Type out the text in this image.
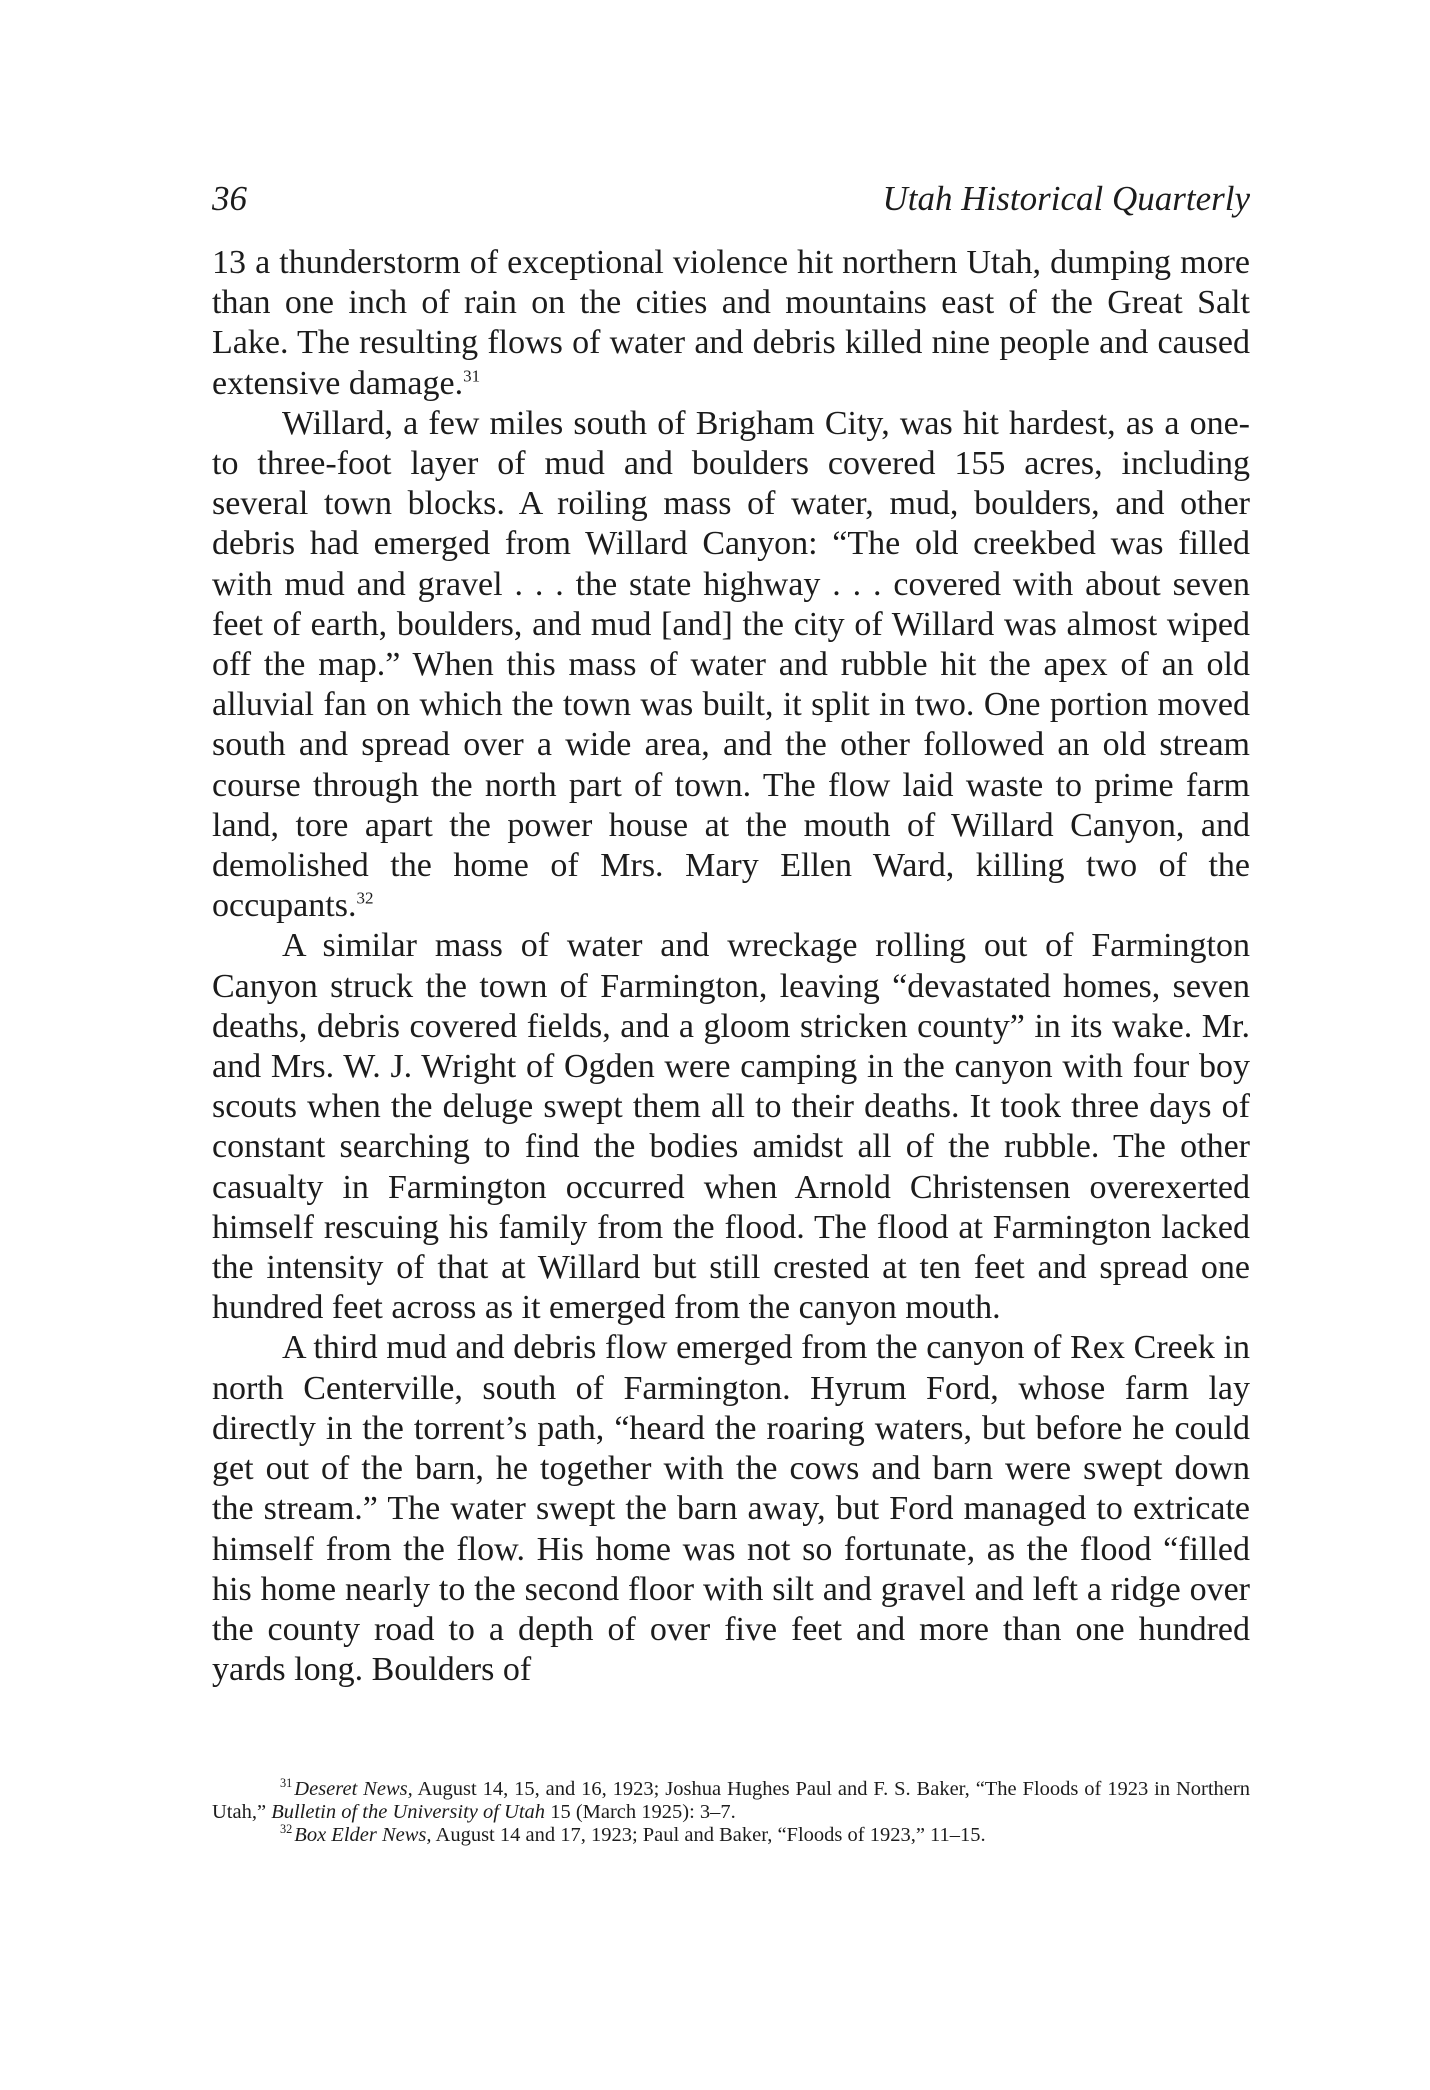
36	Utah Historical Quarterly

13 a thunderstorm of exceptional violence hit northern Utah, dumping more than one inch of rain on the cities and mountains east of the Great Salt Lake. The resulting flows of water and debris killed nine people and caused extensive damage.$^{31}$

Willard, a few miles south of Brigham City, was hit hardest, as a one- to three-foot layer of mud and boulders covered 155 acres, including several town blocks. A roiling mass of water, mud, boulders, and other debris had emerged from Willard Canyon: “The old creekbed was filled with mud and gravel . . . the state highway . . . covered with about seven feet of earth, boulders, and mud [and] the city of Willard was almost wiped off the map.” When this mass of water and rubble hit the apex of an old alluvial fan on which the town was built, it split in two. One portion moved south and spread over a wide area, and the other followed an old stream course through the north part of town. The flow laid waste to prime farm land, tore apart the power house at the mouth of Willard Canyon, and demolished the home of Mrs. Mary Ellen Ward, killing two of the occupants.$^{32}$

A similar mass of water and wreckage rolling out of Farmington Canyon struck the town of Farmington, leaving “devastated homes, seven deaths, debris covered fields, and a gloom stricken county” in its wake. Mr. and Mrs. W. J. Wright of Ogden were camping in the canyon with four boy scouts when the deluge swept them all to their deaths. It took three days of constant searching to find the bodies amidst all of the rubble. The other casualty in Farmington occurred when Arnold Christensen overexerted himself rescuing his family from the flood. The flood at Farmington lacked the intensity of that at Willard but still crested at ten feet and spread one hundred feet across as it emerged from the canyon mouth.

A third mud and debris flow emerged from the canyon of Rex Creek in north Centerville, south of Farmington. Hyrum Ford, whose farm lay directly in the torrent’s path, “heard the roaring waters, but before he could get out of the barn, he together with the cows and barn were swept down the stream.” The water swept the barn away, but Ford managed to extricate himself from the flow. His home was not so fortunate, as the flood “filled his home nearly to the second floor with silt and gravel and left a ridge over the county road to a depth of over five feet and more than one hundred yards long. Boulders of

$^{31}$Deseret News, August 14, 15, and 16, 1923; Joshua Hughes Paul and F. S. Baker, “The Floods of 1923 in Northern Utah,” Bulletin of the University of Utah 15 (March 1925): 3–7.

$^{32}$Box Elder News, August 14 and 17, 1923; Paul and Baker, “Floods of 1923,” 11–15.
